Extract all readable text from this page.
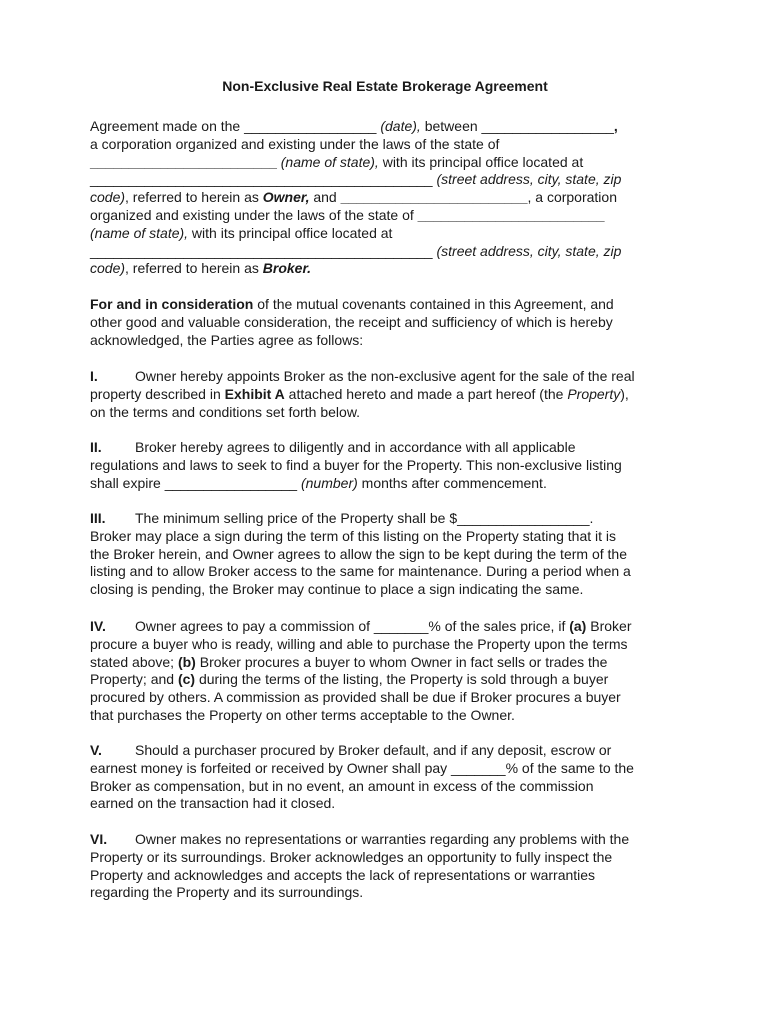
Non-Exclusive Real Estate Brokerage Agreement
Agreement made on the _________________ (date), between _________________,
a corporation organized and existing under the laws of the state of
________________________ (name of state), with its principal office located at
____________________________________________ (street address, city, state, zip
code), referred to herein as Owner, and ________________________, a corporation
organized and existing under the laws of the state of ________________________
(name of state), with its principal office located at
____________________________________________ (street address, city, state, zip
code), referred to herein as Broker.
For and in consideration of the mutual covenants contained in this Agreement, and
other good and valuable consideration, the receipt and sufficiency of which is hereby
acknowledged, the Parties agree as follows:
I.	Owner hereby appoints Broker as the non-exclusive agent for the sale of the real
property described in Exhibit A attached hereto and made a part hereof (the Property),
on the terms and conditions set forth below.
II. Broker hereby agrees to diligently and in accordance with all applicable
regulations and laws to seek to find a buyer for the Property. This non-exclusive listing
shall expire _________________ (number) months after commencement.
III. The minimum selling price of the Property shall be $_________________.
Broker may place a sign during the term of this listing on the Property stating that it is
the Broker herein, and Owner agrees to allow the sign to be kept during the term of the
listing and to allow Broker access to the same for maintenance. During a period when a
closing is pending, the Broker may continue to place a sign indicating the same.
IV. Owner agrees to pay a commission of _______% of the sales price, if (a) Broker
procure a buyer who is ready, willing and able to purchase the Property upon the terms
stated above; (b) Broker procures a buyer to whom Owner in fact sells or trades the
Property; and (c) during the terms of the listing, the Property is sold through a buyer
procured by others. A commission as provided shall be due if Broker procures a buyer
that purchases the Property on other terms acceptable to the Owner.
V. Should a purchaser procured by Broker default, and if any deposit, escrow or
earnest money is forfeited or received by Owner shall pay _______% of the same to the
Broker as compensation, but in no event, an amount in excess of the commission
earned on the transaction had it closed.
VI. Owner makes no representations or warranties regarding any problems with the
Property or its surroundings. Broker acknowledges an opportunity to fully inspect the
Property and acknowledges and accepts the lack of representations or warranties
regarding the Property and its surroundings.
